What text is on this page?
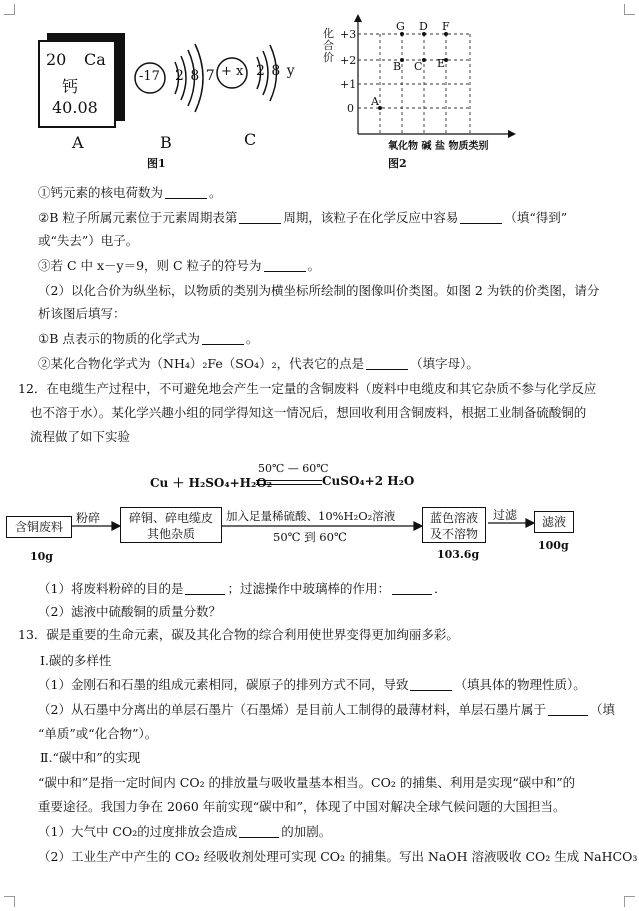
20 Ca
钙
40.08
A
-17 2 8 7
B
+ x 2 8 y
C
图1
化合价
+3
+2
+1
0
G D F
B C E
A
氧化物 碱 盐 物质类别
图2
①钙元素的核电荷数为	。
②B 粒子所属元素位于元素周期表第	周期，该粒子在化学反应中容易	（填“得到”
或“失去”）电子。
③若 C 中 x－y＝9，则 C 粒子的符号为	。
（2）以化合价为纵坐标，以物质的类别为横坐标所绘制的图像叫价类图。如图 2 为铁的价类图，请分
析该图后填写：
①B 点表示的物质的化学式为	。
②某化合物化学式为（NH₄）₂Fe（SO₄）₂，代表它的点是	（填字母）。
12．在电缆生产过程中，不可避免地会产生一定量的含铜废料（废料中电缆皮和其它杂质不参与化学反应
也不溶于水）。某化学兴趣小组的同学得知这一情况后，想回收利用含铜废料，根据工业制备硫酸铜的
流程做了如下实验
50℃ — 60℃
Cu ＋ H₂SO₄+H₂O₂	CuSO₄+2 H₂O
含铜废料
粉碎	碎铜、碎电缆皮
其他杂质
加入足量稀硫酸、10%H₂O₂溶液
50℃ 到 60℃
蓝色溶液
及不溶物
过滤	滤液
10g	103.6g
100g
（1）将废料粉碎的目的是	；过滤操作中玻璃棒的作用：	．
（2）滤液中硫酸铜的质量分数？
13．碳是重要的生命元素，碳及其化合物的综合利用使世界变得更加绚丽多彩。
Ⅰ.碳的多样性
（1）金刚石和石墨的组成元素相同，碳原子的排列方式不同，导致	（填具体的物理性质）。
（2）从石墨中分离出的单层石墨片（石墨烯）是目前人工制得的最薄材料，单层石墨片属于	（填
“单质”或“化合物”）。
Ⅱ.“碳中和”的实现
“碳中和”是指一定时间内 CO₂ 的排放量与吸收量基本相当。CO₂ 的捕集、利用是实现“碳中和”的
重要途径。我国力争在 2060 年前实现“碳中和”，体现了中国对解决全球气候问题的大国担当。
（1）大气中 CO₂的过度排放会造成	的加剧。
（2）工业生产中产生的 CO₂ 经吸收剂处理可实现 CO₂ 的捕集。写出 NaOH 溶液吸收 CO₂ 生成 NaHCO₃
